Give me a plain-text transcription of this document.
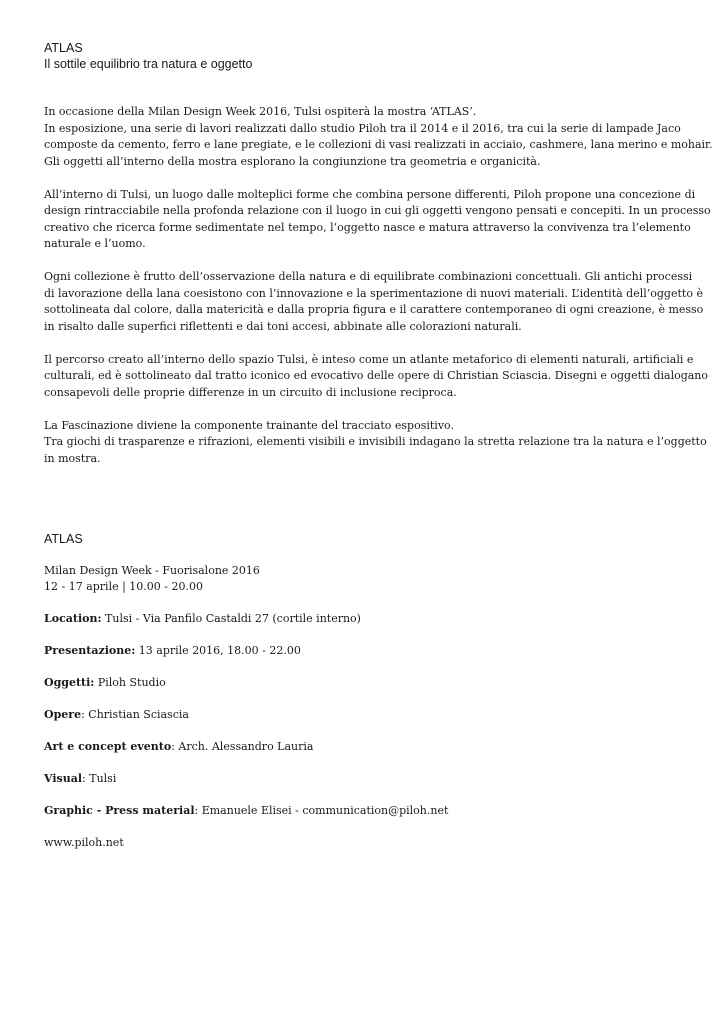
ATLAS
Il sottile equilibrio tra natura e oggetto

In occasione della Milan Design Week 2016, Tulsi ospiterà la mostra ‘ATLAS’.
In esposizione, una serie di lavori realizzati dallo studio Piloh tra il 2014 e il 2016, tra cui la serie di lampade Jaco
composte da cemento, ferro e lane pregiate, e le collezioni di vasi realizzati in acciaio, cashmere, lana merino e mohair.
Gli oggetti all’interno della mostra esplorano la congiunzione tra geometria e organicità.

All’interno di Tulsi, un luogo dalle molteplici forme che combina persone differenti, Piloh propone una concezione di
design rintracciabile nella profonda relazione con il luogo in cui gli oggetti vengono pensati e concepiti. In un processo
creativo che ricerca forme sedimentate nel tempo, l’oggetto nasce e matura attraverso la convivenza tra l’elemento
naturale e l’uomo.

Ogni collezione è frutto dell’osservazione della natura e di equilibrate combinazioni concettuali. Gli antichi processi
di lavorazione della lana coesistono con l’innovazione e la sperimentazione di nuovi materiali. L’identità dell’oggetto è
sottolineata dal colore, dalla matericità e dalla propria figura e il carattere contemporaneo di ogni creazione, è messo
in risalto dalle superfici riflettenti e dai toni accesi, abbinate alle colorazioni naturali.

Il percorso creato all’interno dello spazio Tulsi, è inteso come un atlante metaforico di elementi naturali, artificiali e
culturali, ed è sottolineato dal tratto iconico ed evocativo delle opere di Christian Sciascia. Disegni e oggetti dialogano
consapevoli delle proprie differenze in un circuito di inclusione reciproca.

La Fascinazione diviene la componente trainante del tracciato espositivo.
Tra giochi di trasparenze e rifrazioni, elementi visibili e invisibili indagano la stretta relazione tra la natura e l’oggetto
in mostra.

ATLAS
Milan Design Week - Fuorisalone 2016
12 - 17 aprile | 10.00 - 20.00
Location: Tulsi - Via Panfilo Castaldi 27 (cortile interno)
Presentazione: 13 aprile 2016, 18.00 - 22.00
Oggetti: Piloh Studio
Opere: Christian Sciascia
Art e concept evento: Arch. Alessandro Lauria
Visual: Tulsi
Graphic - Press material: Emanuele Elisei - communication@piloh.net
www.piloh.net
